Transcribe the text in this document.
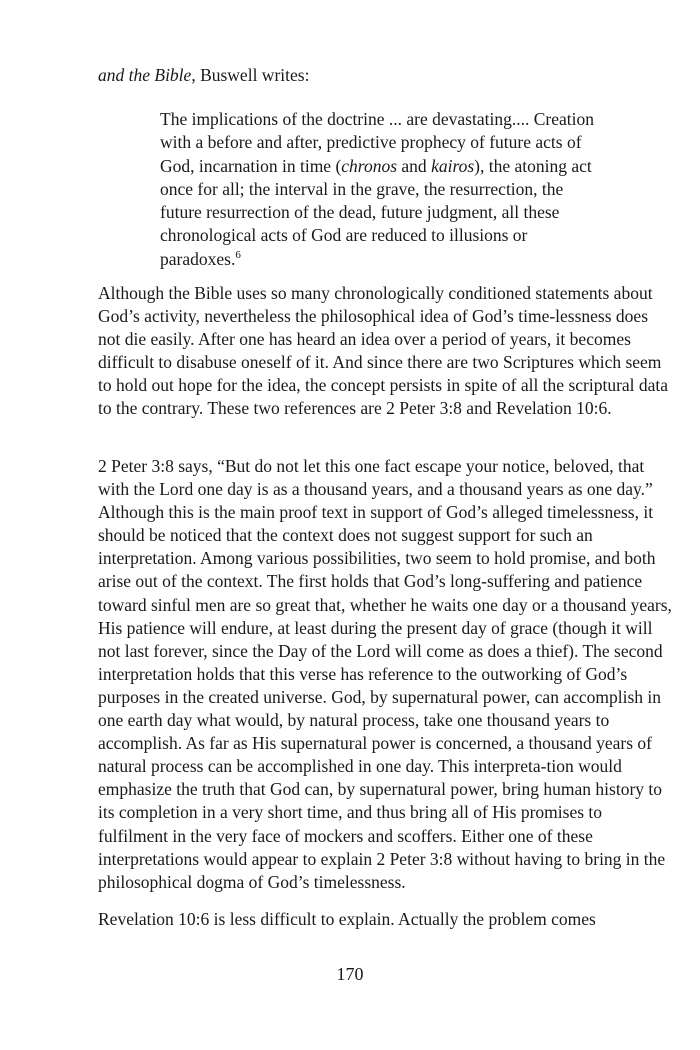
and the Bible, Buswell writes:
The implications of the doctrine ... are devastating.... Creation with a before and after, predictive prophecy of future acts of God, incarnation in time (chronos and kairos), the atoning act once for all; the interval in the grave, the resurrection, the future resurrection of the dead, future judgment, all these chronological acts of God are reduced to illusions or paradoxes.$^6$

Although the Bible uses so many chronologically conditioned statements about God’s activity, nevertheless the philosophical idea of God’s time-lessness does not die easily. After one has heard an idea over a period of years, it becomes difficult to disabuse oneself of it. And since there are two Scriptures which seem to hold out hope for the idea, the concept persists in spite of all the scriptural data to the contrary. These two references are 2 Peter 3:8 and Revelation 10:6.

2 Peter 3:8 says, “But do not let this one fact escape your notice, beloved, that with the Lord one day is as a thousand years, and a thousand years as one day.” Although this is the main proof text in support of God’s alleged timelessness, it should be noticed that the context does not suggest support for such an interpretation. Among various possibilities, two seem to hold promise, and both arise out of the context. The first holds that God’s long-suffering and patience toward sinful men are so great that, whether he waits one day or a thousand years, His patience will endure, at least during the present day of grace (though it will not last forever, since the Day of the Lord will come as does a thief). The second interpretation holds that this verse has reference to the outworking of God’s purposes in the created universe. God, by supernatural power, can accomplish in one earth day what would, by natural process, take one thousand years to accomplish. As far as His supernatural power is concerned, a thousand years of natural process can be accomplished in one day. This interpreta-tion would emphasize the truth that God can, by supernatural power, bring human history to its completion in a very short time, and thus bring all of His promises to fulfilment in the very face of mockers and scoffers. Either one of these interpretations would appear to explain 2 Peter 3:8 without having to bring in the philosophical dogma of God’s timelessness.

Revelation 10:6 is less difficult to explain. Actually the problem comes

170
